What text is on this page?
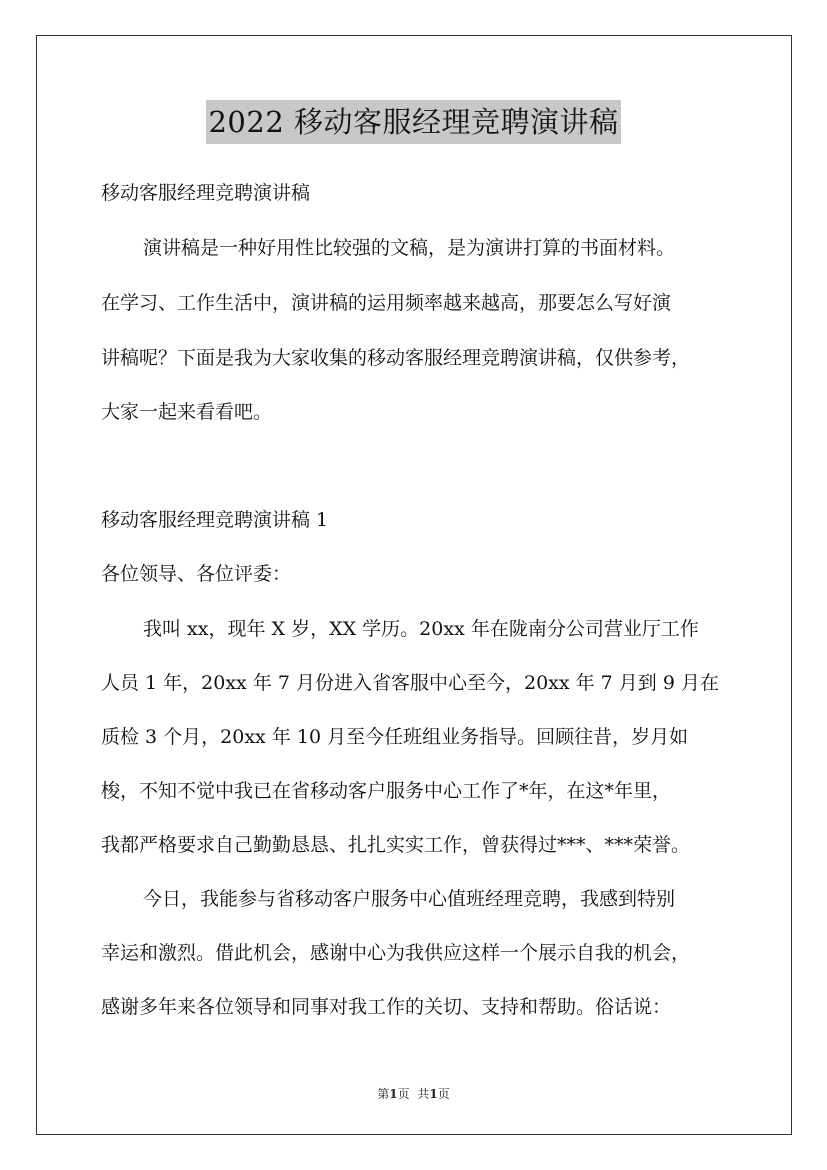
2022 移动客服经理竞聘演讲稿
移动客服经理竞聘演讲稿
演讲稿是一种好用性比较强的文稿，是为演讲打算的书面材料。
在学习、工作生活中，演讲稿的运用频率越来越高，那要怎么写好演
讲稿呢？下面是我为大家收集的移动客服经理竞聘演讲稿，仅供参考，
大家一起来看看吧。
移动客服经理竞聘演讲稿 1
各位领导、各位评委：
我叫 xx，现年 X 岁，XX 学历。20xx 年在陇南分公司营业厅工作
人员 1 年，20xx 年 7 月份进入省客服中心至今，20xx 年 7 月到 9 月在
质检 3 个月，20xx 年 10 月至今任班组业务指导。回顾往昔，岁月如
梭，不知不觉中我已在省移动客户服务中心工作了*年，在这*年里，
我都严格要求自己勤勤恳恳、扎扎实实工作，曾获得过***、***荣誉。
今日，我能参与省移动客户服务中心值班经理竞聘，我感到特别
幸运和激烈。借此机会，感谢中心为我供应这样一个展示自我的机会，
感谢多年来各位领导和同事对我工作的关切、支持和帮助。俗话说：
第1页 共1页
